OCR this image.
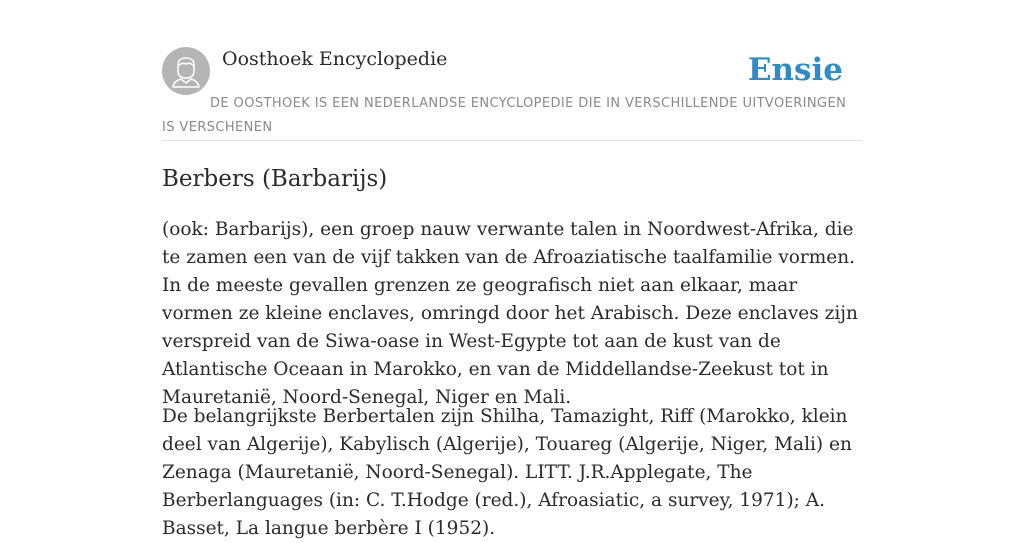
Oosthoek Encyclopedie	Ensie
DE OOSTHOEK IS EEN NEDERLANDSE ENCYCLOPEDIE DIE IN VERSCHILLENDE UITVOERINGEN IS VERSCHENEN
Berbers (Barbarijs)

(ook: Barbarijs), een groep nauw verwante talen in Noordwest-Afrika, die te zamen een van de vijf takken van de Afroaziatische taalfamilie vormen. In de meeste gevallen grenzen ze geografisch niet aan elkaar, maar vormen ze kleine enclaves, omringd door het Arabisch. Deze enclaves zijn verspreid van de Siwa-oase in West-Egypte tot aan de kust van de Atlantische Oceaan in Marokko, en van de Middellandse-Zeekust tot in Mauretanië, Noord-Senegal, Niger en Mali.

De belangrijkste Berbertalen zijn Shilha, Tamazight, Riff (Marokko, klein deel van Algerije), Kabylisch (Algerije), Touareg (Algerije, Niger, Mali) en Zenaga (Mauretanië, Noord-Senegal). LITT. J.R.Applegate, The Berberlanguages (in: C. T.Hodge (red.), Afroasiatic, a survey, 1971); A. Basset, La langue berbère I (1952).
